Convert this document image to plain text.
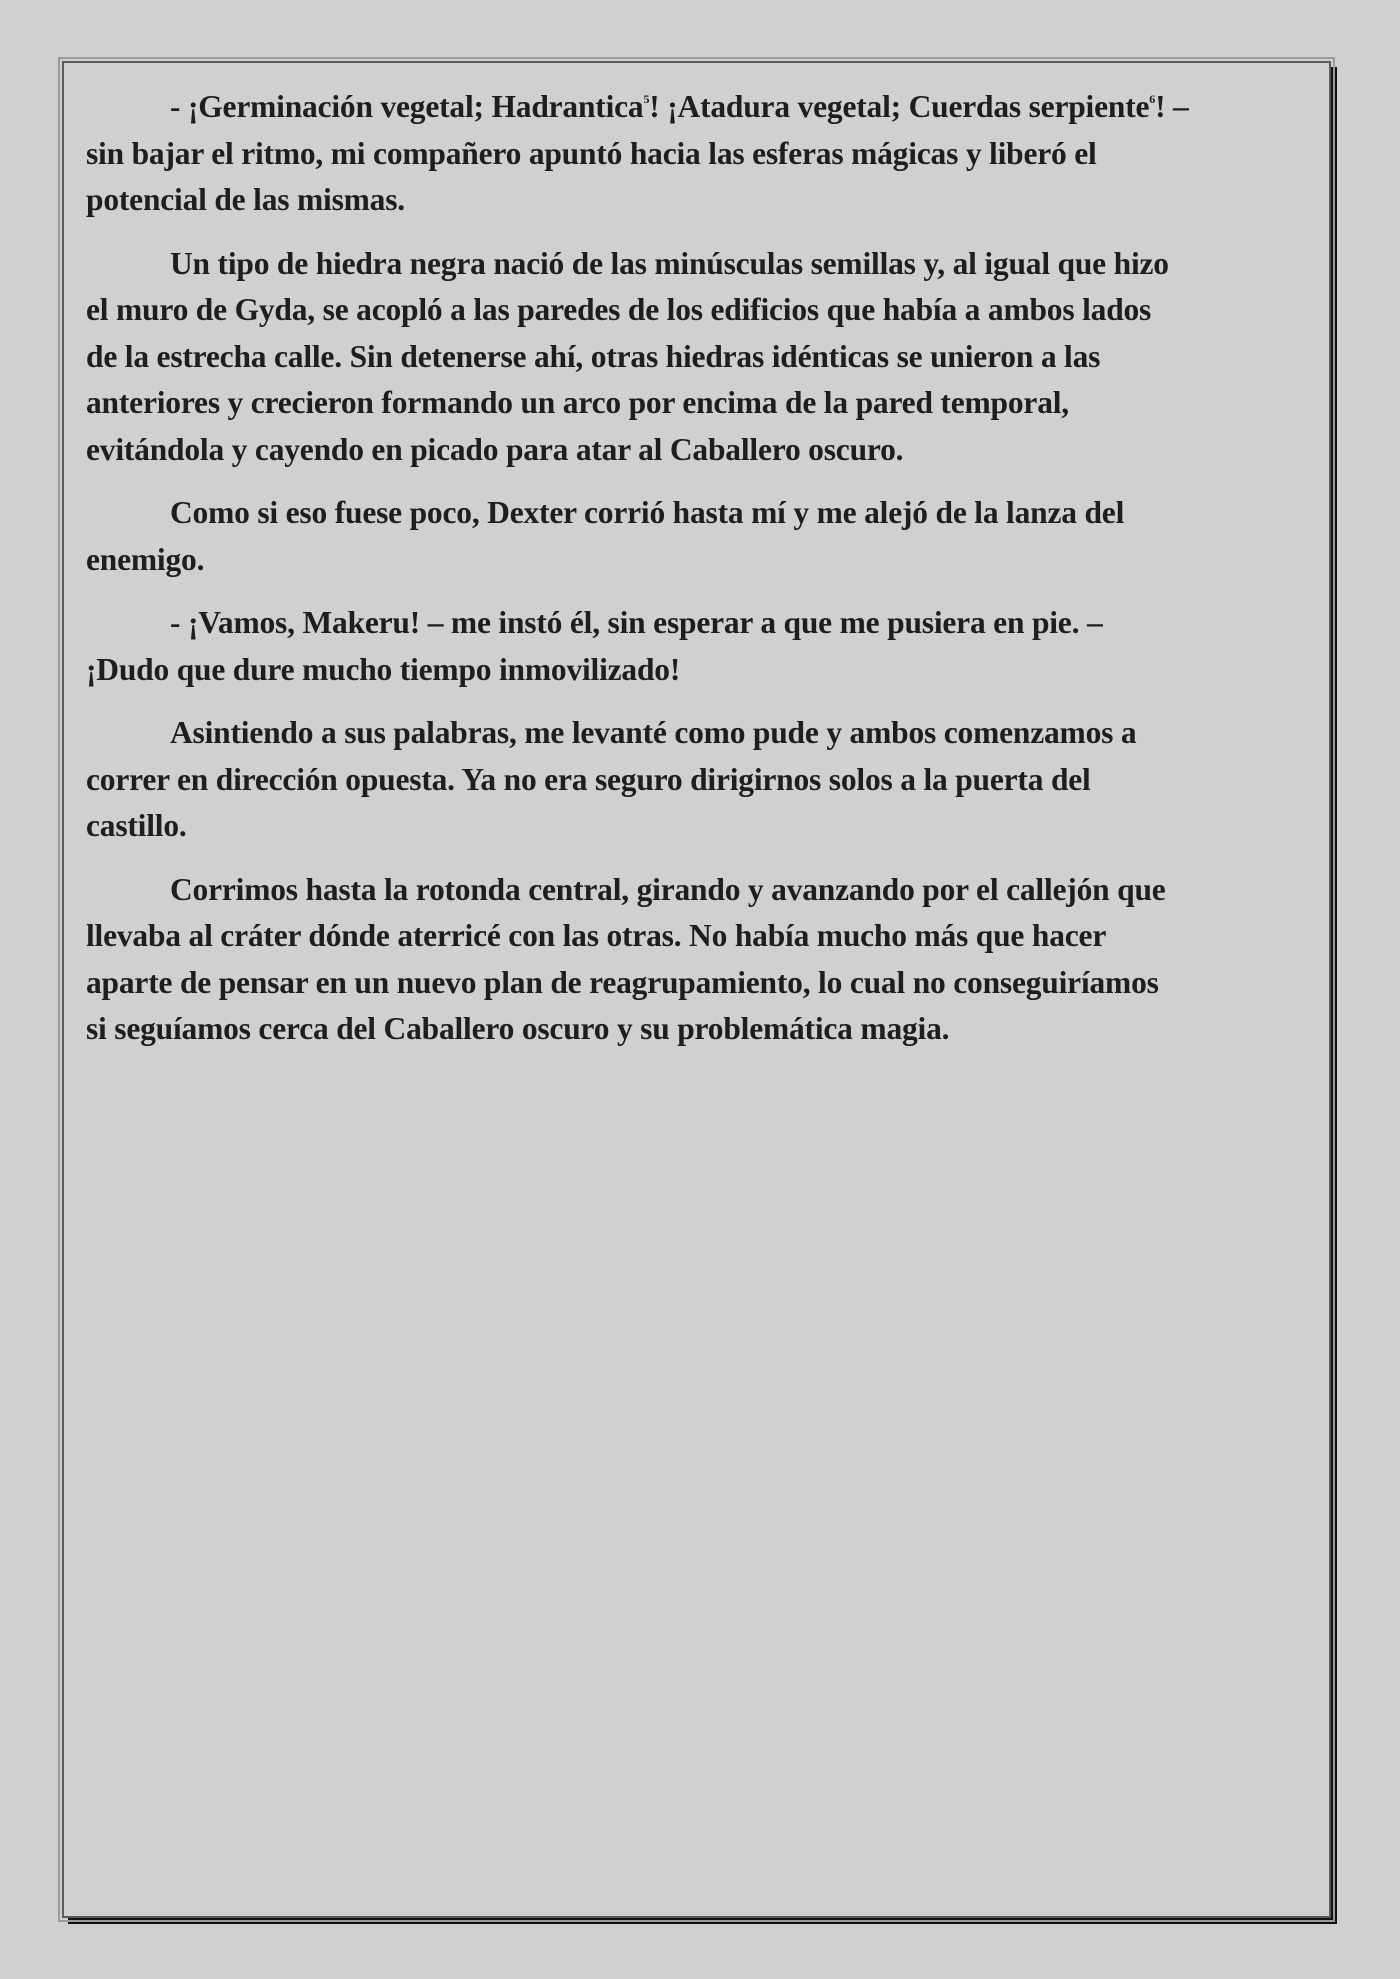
- ¡Germinación vegetal; Hadrantica$^5$! ¡Atadura vegetal; Cuerdas serpiente$^6$! –
sin bajar el ritmo, mi compañero apuntó hacia las esferas mágicas y liberó el
potencial de las mismas.

Un tipo de hiedra negra nació de las minúsculas semillas y, al igual que hizo
el muro de Gyda, se acopló a las paredes de los edificios que había a ambos lados
de la estrecha calle. Sin detenerse ahí, otras hiedras idénticas se unieron a las
anteriores y crecieron formando un arco por encima de la pared temporal,
evitándola y cayendo en picado para atar al Caballero oscuro.

Como si eso fuese poco, Dexter corrió hasta mí y me alejó de la lanza del
enemigo.

- ¡Vamos, Makeru! – me instó él, sin esperar a que me pusiera en pie. –
¡Dudo que dure mucho tiempo inmovilizado!

Asintiendo a sus palabras, me levanté como pude y ambos comenzamos a
correr en dirección opuesta. Ya no era seguro dirigirnos solos a la puerta del
castillo.

Corrimos hasta la rotonda central, girando y avanzando por el callejón que
llevaba al cráter dónde aterricé con las otras. No había mucho más que hacer
aparte de pensar en un nuevo plan de reagrupamiento, lo cual no conseguiríamos
si seguíamos cerca del Caballero oscuro y su problemática magia.
